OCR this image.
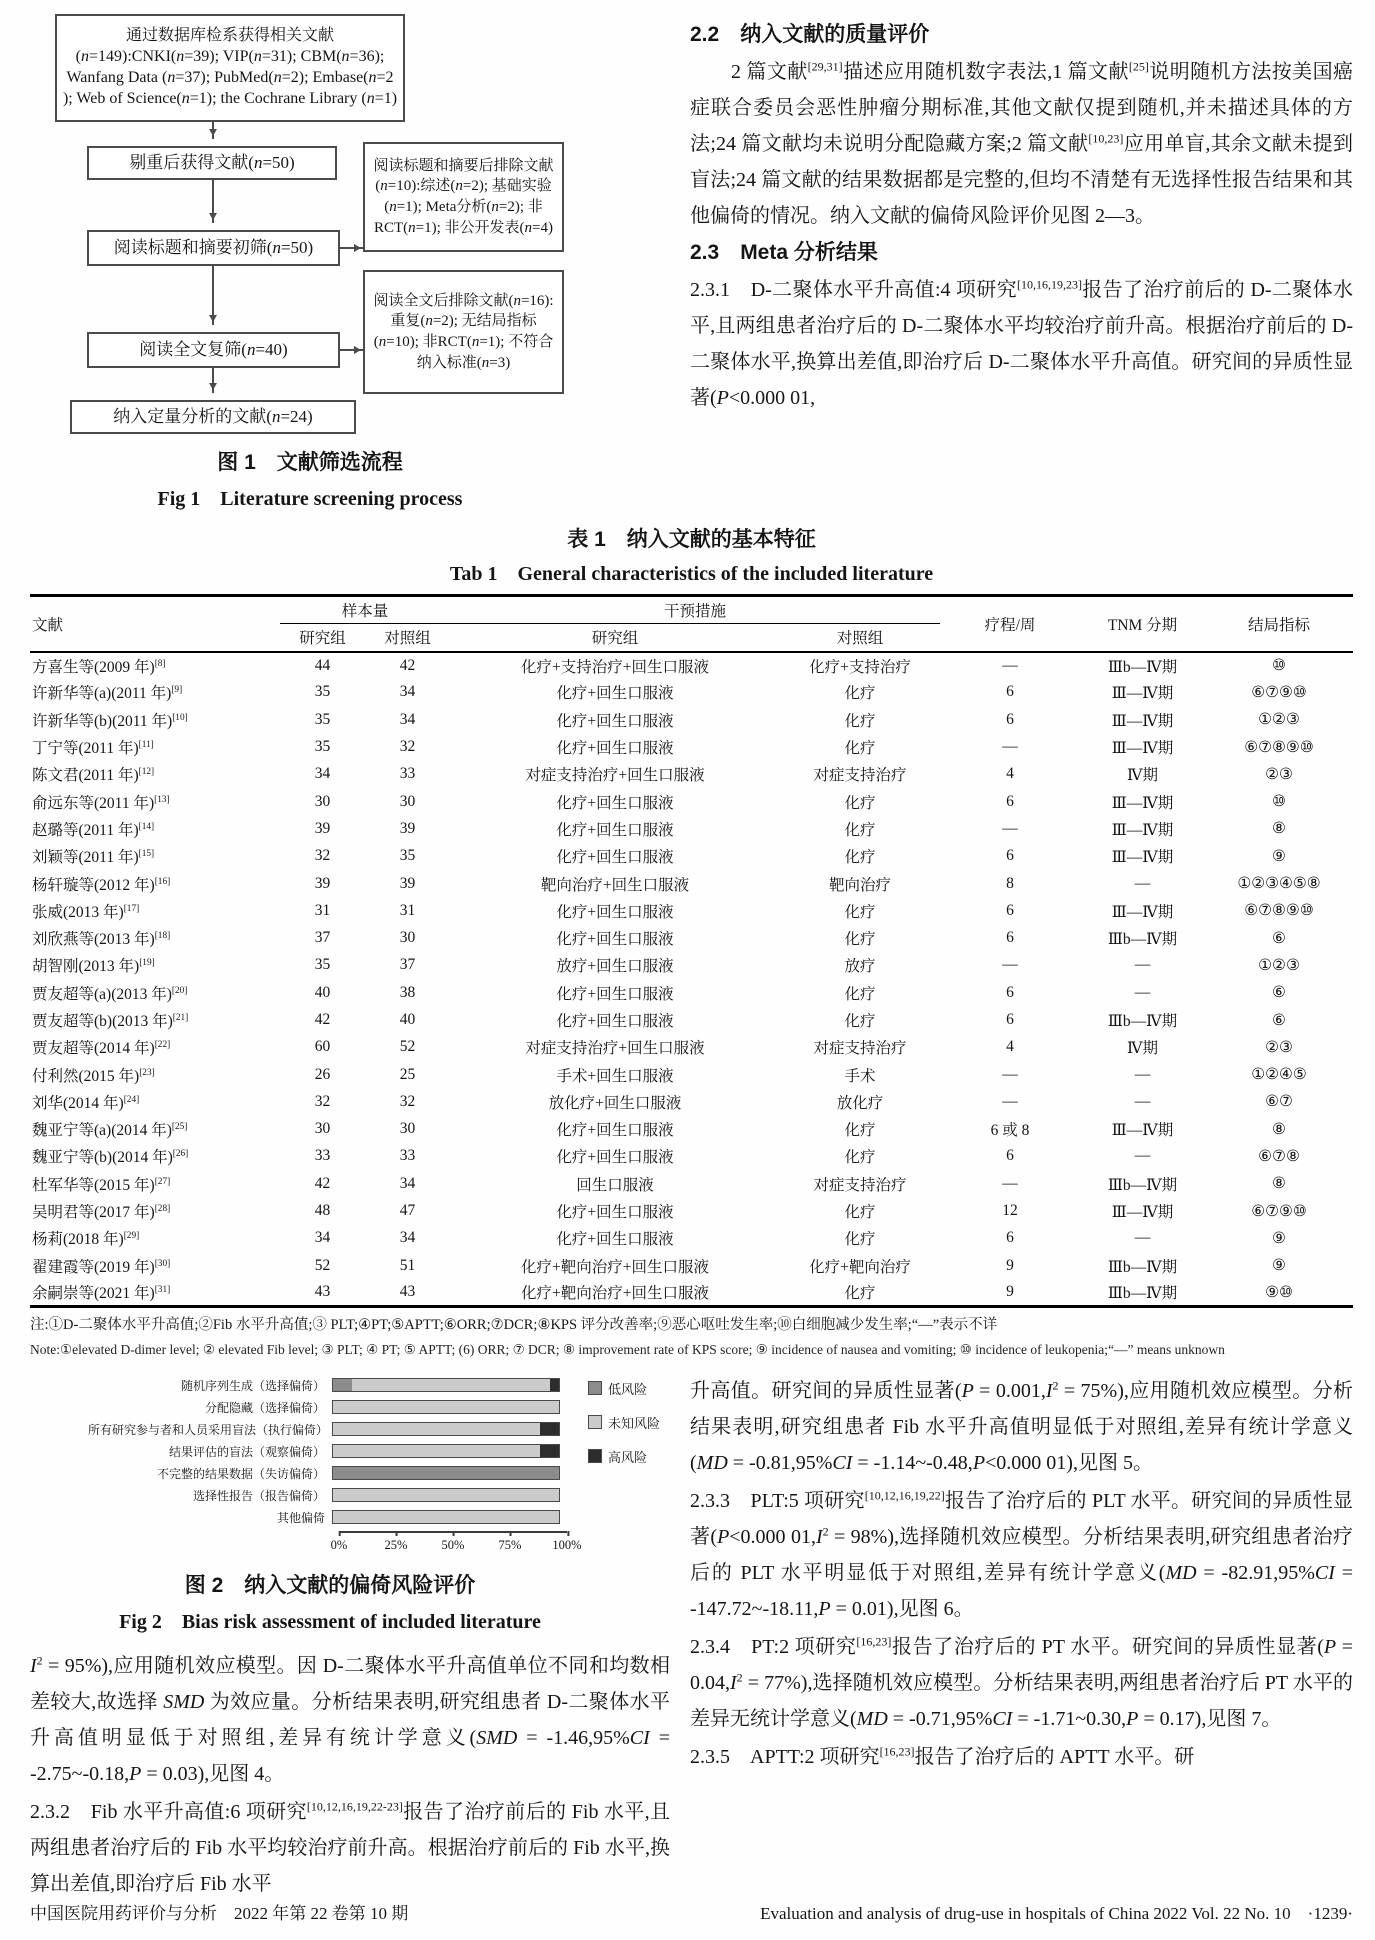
通过数据库检系获得相关文献(n=149):CNKI(n=39); VIP(n=31); CBM(n=36); Wanfang Data (n=37); PubMed(n=2); Embase(n=2 ); Web of Science(n=1); the Cochrane Library (n=1)
剔重后获得文献(n=50)
阅读标题和摘要初筛(n=50)
阅读标题和摘要后排除文献(n=10):综述(n=2); 基础实验(n=1); Meta分析(n=2); 非RCT(n=1); 非公开发表(n=4)
阅读全文复筛(n=40)
阅读全文后排除文献(n=16):重复(n=2); 无结局指标(n=10); 非RCT(n=1); 不符合纳入标准(n=3)
纳入定量分析的文献(n=24)
图 1　文献筛选流程
Fig 1　Literature screening process
2.2　纳入文献的质量评价
2 篇文献[29,31]描述应用随机数字表法,1 篇文献[25]说明随机方法按美国癌症联合委员会恶性肿瘤分期标准,其他文献仅提到随机,并未描述具体的方法;24 篇文献均未说明分配隐藏方案;2 篇文献[10,23]应用单盲,其余文献未提到盲法;24 篇文献的结果数据都是完整的,但均不清楚有无选择性报告结果和其他偏倚的情况。纳入文献的偏倚风险评价见图 2—3。
2.3　Meta 分析结果
2.3.1　D-二聚体水平升高值:4 项研究[10,16,19,23]报告了治疗前后的 D-二聚体水平,且两组患者治疗后的 D-二聚体水平均较治疗前升高。根据治疗前后的 D-二聚体水平,换算出差值,即治疗后 D-二聚体水平升高值。研究间的异质性显著(P<0.000 01,
表 1　纳入文献的基本特征
Tab 1　General characteristics of the included literature
文献	样本量		干预措施		疗程/周	TNM 分期	结局指标
	研究组	对照组	研究组	对照组			
方喜生等(2009 年)[8]	44	42	化疗+支持治疗+回生口服液	化疗+支持治疗	—	Ⅲb—Ⅳ期	⑩
许新华等(a)(2011 年)[9]	35	34	化疗+回生口服液	化疗	6	Ⅲ—Ⅳ期	⑥⑦⑨⑩
许新华等(b)(2011 年)[10]	35	34	化疗+回生口服液	化疗	6	Ⅲ—Ⅳ期	①②③
丁宁等(2011 年)[11]	35	32	化疗+回生口服液	化疗	—	Ⅲ—Ⅳ期	⑥⑦⑧⑨⑩
陈文君(2011 年)[12]	34	33	对症支持治疗+回生口服液	对症支持治疗	4	Ⅳ期	②③
俞远东等(2011 年)[13]	30	30	化疗+回生口服液	化疗	6	Ⅲ—Ⅳ期	⑩
赵璐等(2011 年)[14]	39	39	化疗+回生口服液	化疗	—	Ⅲ—Ⅳ期	⑧
刘颖等(2011 年)[15]	32	35	化疗+回生口服液	化疗	6	Ⅲ—Ⅳ期	⑨
杨轩璇等(2012 年)[16]	39	39	靶向治疗+回生口服液	靶向治疗	8	—	①②③④⑤⑧
张威(2013 年)[17]	31	31	化疗+回生口服液	化疗	6	Ⅲ—Ⅳ期	⑥⑦⑧⑨⑩
刘欣燕等(2013 年)[18]	37	30	化疗+回生口服液	化疗	6	Ⅲb—Ⅳ期	⑥
胡智刚(2013 年)[19]	35	37	放疗+回生口服液	放疗	—	—	①②③
贾友超等(a)(2013 年)[20]	40	38	化疗+回生口服液	化疗	6	—	⑥
贾友超等(b)(2013 年)[21]	42	40	化疗+回生口服液	化疗	6	Ⅲb—Ⅳ期	⑥
贾友超等(2014 年)[22]	60	52	对症支持治疗+回生口服液	对症支持治疗	4	Ⅳ期	②③
付利然(2015 年)[23]	26	25	手术+回生口服液	手术	—	—	①②④⑤
刘华(2014 年)[24]	32	32	放化疗+回生口服液	放化疗	—	—	⑥⑦
魏亚宁等(a)(2014 年)[25]	30	30	化疗+回生口服液	化疗	6 或 8	Ⅲ—Ⅳ期	⑧
魏亚宁等(b)(2014 年)[26]	33	33	化疗+回生口服液	化疗	6	—	⑥⑦⑧
杜军华等(2015 年)[27]	42	34	回生口服液	对症支持治疗	—	Ⅲb—Ⅳ期	⑧
吴明君等(2017 年)[28]	48	47	化疗+回生口服液	化疗	12	Ⅲ—Ⅳ期	⑥⑦⑨⑩
杨莉(2018 年)[29]	34	34	化疗+回生口服液	化疗	6	—	⑨
翟建霞等(2019 年)[30]	52	51	化疗+靶向治疗+回生口服液	化疗+靶向治疗	9	Ⅲb—Ⅳ期	⑨
余嗣崇等(2021 年)[31]	43	43	化疗+靶向治疗+回生口服液	化疗	9	Ⅲb—Ⅳ期	⑨⑩
注:①D-二聚体水平升高值;②Fib 水平升高值;③ PLT;④PT;⑤APTT;⑥ORR;⑦DCR;⑧KPS 评分改善率;⑨恶心呕吐发生率;⑩白细胞减少发生率;“—”表示不详
Note:①elevated D-dimer level; ② elevated Fib level; ③ PLT; ④ PT; ⑤ APTT; (6) ORR; ⑦ DCR; ⑧ improvement rate of KPS score; ⑨ incidence of nausea and vomiting; ⑩ incidence of leukopenia;“—” means unknown
随机序列生成（选择偏倚）
分配隐藏（选择偏倚）
所有研究参与者和人员采用盲法（执行偏倚）
结果评估的盲法（观察偏倚）
不完整的结果数据（失访偏倚）
选择性报告（报告偏倚）
其他偏倚
0%	25%	50%	75% 100%
低风险
未知风险
高风险
图 2　纳入文献的偏倚风险评价
Fig 2　Bias risk assessment of included literature
$I^2 = 95\%$),应用随机效应模型。因 D-二聚体水平升高值单位不同和均数相差较大,故选择 SMD 为效应量。分析结果表明,研究组患者 D-二聚体水平升高值明显低于对照组,差异有统计学意义(SMD = -1.46,95%CI = -2.75~-0.18,P = 0.03),见图 4。
2.3.2　Fib 水平升高值:6 项研究[10,12,16,19,22-23]报告了治疗前后的 Fib 水平,且两组患者治疗后的 Fib 水平均较治疗前升高。根据治疗前后的 Fib 水平,换算出差值,即治疗后 Fib 水平
升高值。研究间的异质性显著$(P = 0.001,I^2 = 75\%)$,应用随机效应模型。分析结果表明,研究组患者 Fib 水平升高值明显低于对照组,差异有统计学意义(MD = -0.81,95%CI = -1.14~-0.48,P<0.000 01),见图 5。
2.3.3　PLT:5 项研究[10,12,16,19,22]报告了治疗后的 PLT 水平。研究间的异质性显著(P<0.000 $01,I^2 = 98\%$),选择随机效应模型。分析结果表明,研究组患者治疗后的 PLT 水平明显低于对照组,差异有统计学意义(MD = -82.91,95%CI = -147.72~-18.11,P = 0.01),见图 6。
2.3.4　PT:2 项研究[16,23]报告了治疗后的 PT 水平。研究间的异质性显著$(P = 0.04,I^2 = 77\%)$,选择随机效应模型。分析结果表明,两组患者治疗后 PT 水平的差异无统计学意义(MD = -0.71,95%CI = -1.71~0.30,P = 0.17),见图 7。
2.3.5　APTT:2 项研究[16,23]报告了治疗后的 APTT 水平。研
中国医院用药评价与分析　2022 年第 22 卷第 10 期	Evaluation and analysis of drug-use in hospitals of China 2022 Vol. 22 No. 10　·1239·
